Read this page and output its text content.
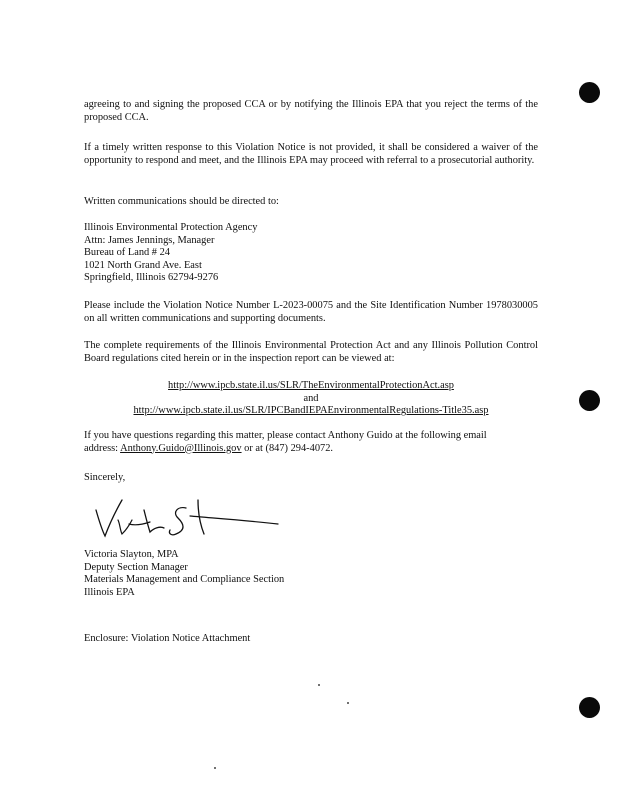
agreeing to and signing the proposed CCA or by notifying the Illinois EPA that you reject the terms of the proposed CCA.

If a timely written response to this Violation Notice is not provided, it shall be considered a waiver of the opportunity to respond and meet, and the Illinois EPA may proceed with referral to a prosecutorial authority.

Written communications should be directed to:

Illinois Environmental Protection Agency
Attn: James Jennings, Manager
Bureau of Land # 24
1021 North Grand Ave. East
Springfield, Illinois 62794-9276

Please include the Violation Notice Number L-2023-00075 and the Site Identification Number 1978030005 on all written communications and supporting documents.

The complete requirements of the Illinois Environmental Protection Act and any Illinois Pollution Control Board regulations cited herein or in the inspection report can be viewed at:

http://www.ipcb.state.il.us/SLR/TheEnvironmentalProtectionAct.asp
and
http://www.ipcb.state.il.us/SLR/IPCBandIEPAEnvironmentalRegulations-Title35.asp
If you have questions regarding this matter, please contact Anthony Guido at the following email
address: Anthony.Guido@Illinois.gov or at (847) 294-4072.

Sincerely,

Victoria Slayton, MPA
Deputy Section Manager
Materials Management and Compliance Section
Illinois EPA

Enclosure: Violation Notice Attachment
